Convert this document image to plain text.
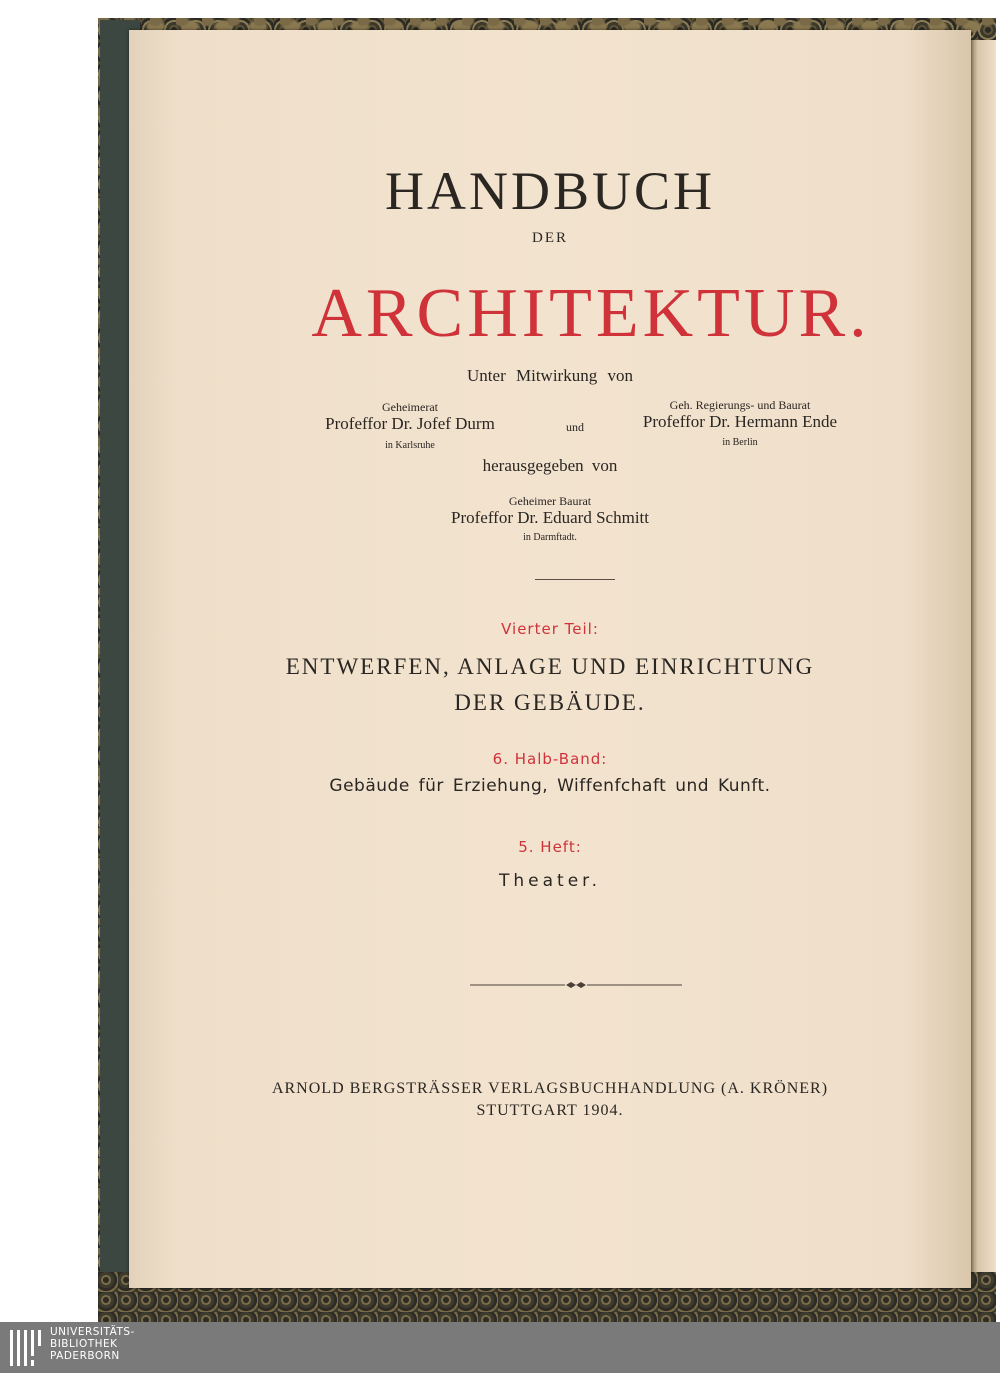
HANDBUCH
DER
ARCHITEKTUR.
Unter Mitwirkung von
Geheimerat
Profeffor Dr. Jofef Durm
in Karlsruhe
und
Geh. Regierungs- und Baurat
Profeffor Dr. Hermann Ende
in Berlin
herausgegeben von
Geheimer Baurat
Profeffor Dr. Eduard Schmitt
in Darmftadt.
Vierter Teil:
ENTWERFEN, ANLAGE UND EINRICHTUNG
DER GEBÄUDE.
6. Halb-Band:
Gebäude für Erziehung, Wiffenfchaft und Kunft.
5. Heft:
Theater.
ARNOLD BERGSTRÄSSER VERLAGSBUCHHANDLUNG (A. KRÖNER)
STUTTGART 1904.
UNIVERSITÄTS-
BIBLIOTHEK
PADERBORN
